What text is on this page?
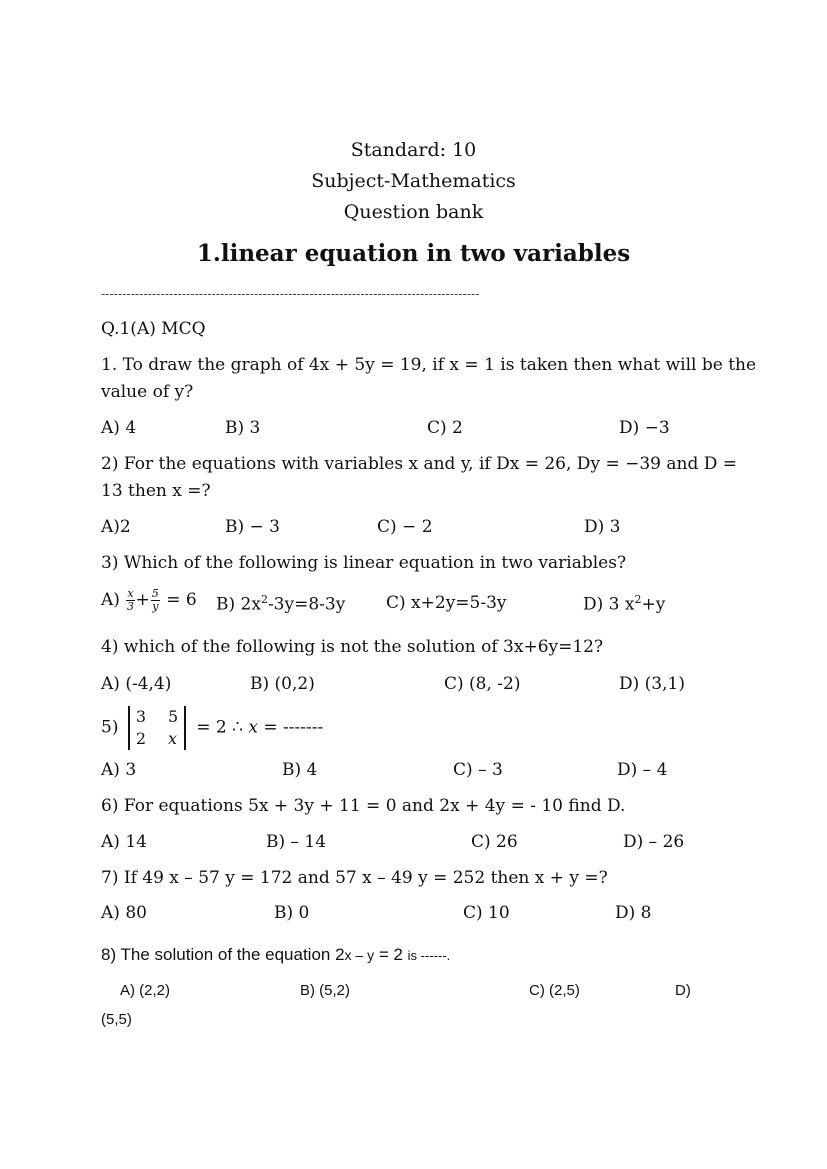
Standard: 10
Subject-Mathematics
Question bank
1.linear equation in two variables
-----------------------------------------------------------------------------------------
Q.1(A) MCQ
1. To draw the graph of 4x + 5y = 19, if x = 1 is taken then what will be the
value of y?
A) 4	B) 3	C) 2	D) −3
2) For the equations with variables x and y, if Dx = 26, Dy = −39 and D =
13 then x =?
A)2	B) − 3	C) − 2	D) 3
3) Which of the following is linear equation in two variables?
$A) \frac{x}{3} + \frac{5}{y} = 6$ B) $2x^2-3y=8-3y$ C) x+2y=5-3y	D) 3 $x^2+y$
4) which of the following is not the solution of 3x+6y=12?
A) (-4,4)	B) (0,2)	C) (8, -2)	D) (3,1)
5)
3 5
2 x
= 2 ∴ x = -------
A) 3	B) 4	C) – 3	D) – 4
6) For equations 5x + 3y + 11 = 0 and 2x + 4y = - 10 find D.
A) 14	B) – 14	C) 26	D) – 26
7) If 49 x – 57 y = 172 and 57 x – 49 y = 252 then x + y =?
A) 80	B) 0	C) 10	D) 8
8) The solution of the equation 2x – y = 2 is ------.
A) (2,2)	B) (5,2)	C) (2,5)	D)
(5,5)
